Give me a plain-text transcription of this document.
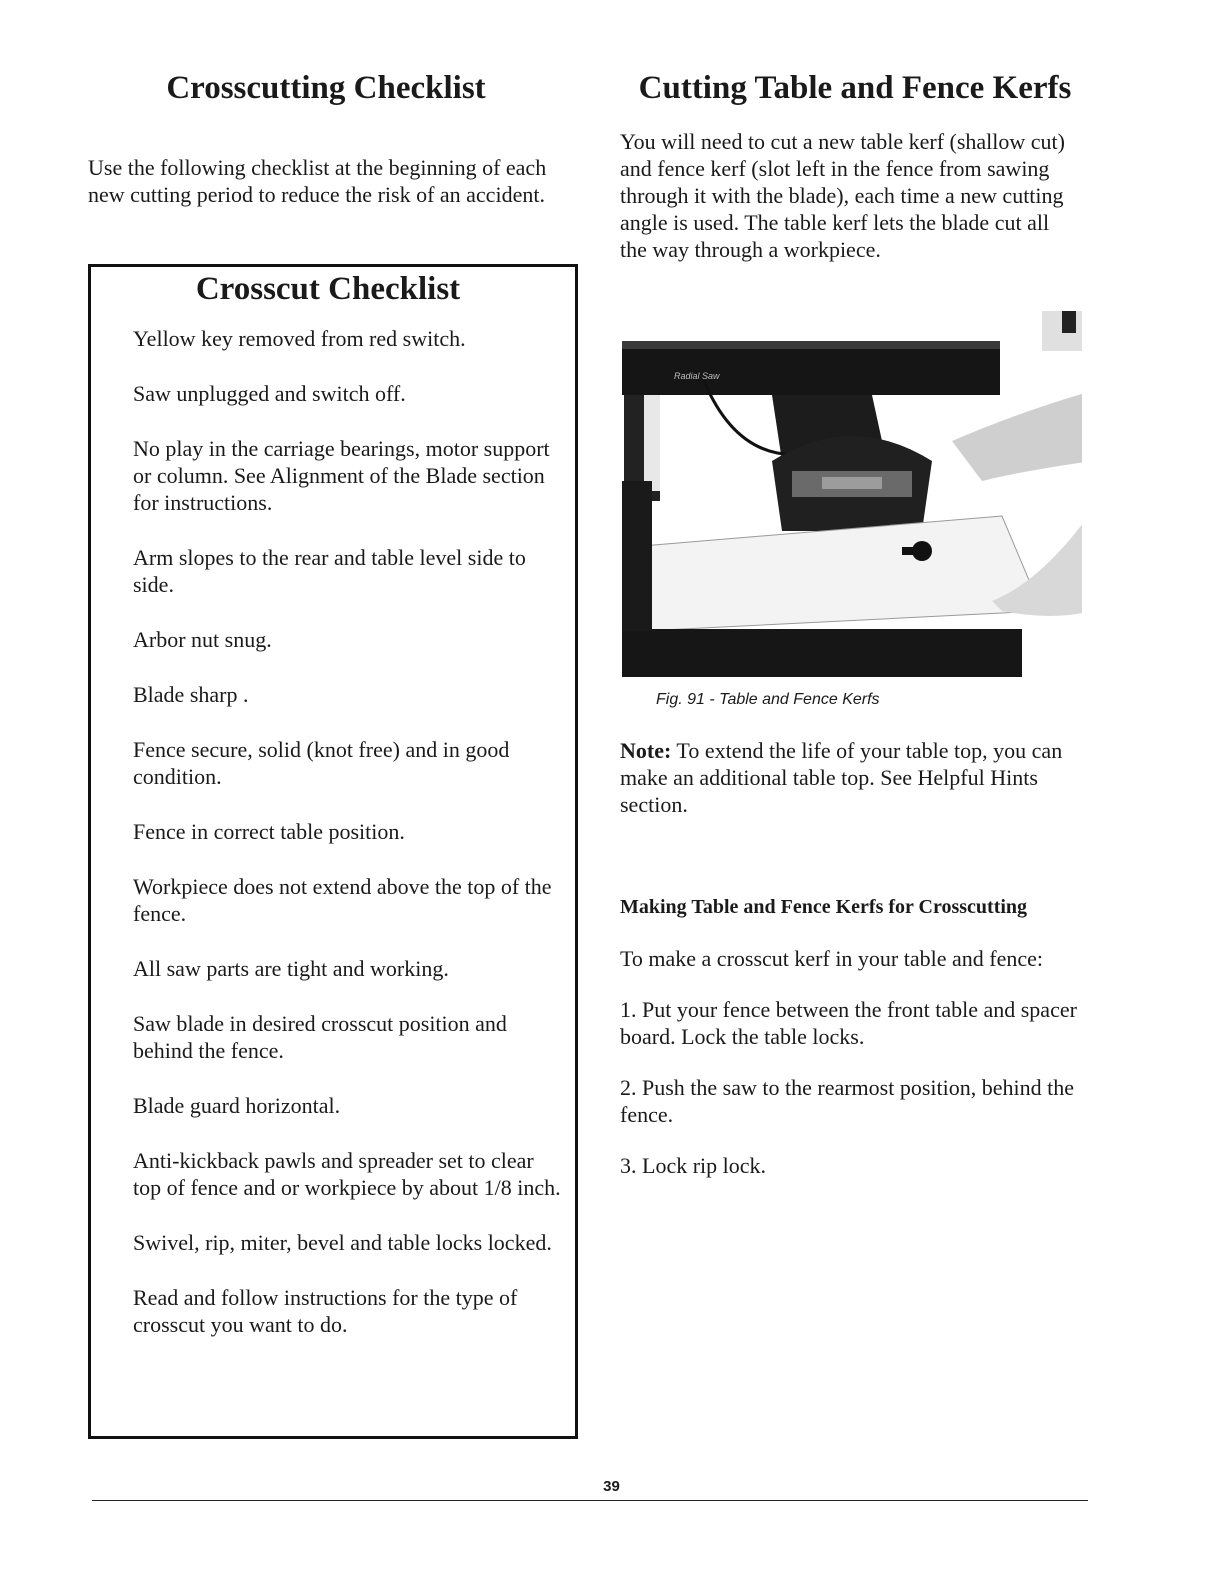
Crosscutting Checklist

Use the following checklist at the beginning of each new cutting period to reduce the risk of an accident.

Crosscut Checklist
Yellow key removed from red switch.
Saw unplugged and switch off.
No play in the carriage bearings, motor support or column. See Alignment of the Blade section for instructions.
Arm slopes to the rear and table level side to side.
Arbor nut snug.
Blade sharp .
Fence secure, solid (knot free) and in good condition.
Fence in correct table position.
Workpiece does not extend above the top of the fence.
All saw parts are tight and working.
Saw blade in desired crosscut position and behind the fence.
Blade guard horizontal.
Anti-kickback pawls and spreader set to clear top of fence and or workpiece by about 1/8 inch.
Swivel, rip, miter, bevel and table locks locked.
Read and follow instructions for the type of crosscut you want to do.
Cutting Table and Fence Kerfs

You will need to cut a new table kerf (shallow cut) and fence kerf (slot left in the fence from sawing through it with the blade), each time a new cutting angle is used. The table kerf lets the blade cut all the way through a workpiece.

Radial Saw

Fig. 91 - Table and Fence Kerfs

Note: To extend the life of your table top, you can make an additional table top. See Helpful Hints section.

Making Table and Fence Kerfs for Crosscutting

To make a crosscut kerf in your table and fence:

1. Put your fence between the front table and spacer board. Lock the table locks.

2. Push the saw to the rearmost position, behind the fence.

3. Lock rip lock.

39
